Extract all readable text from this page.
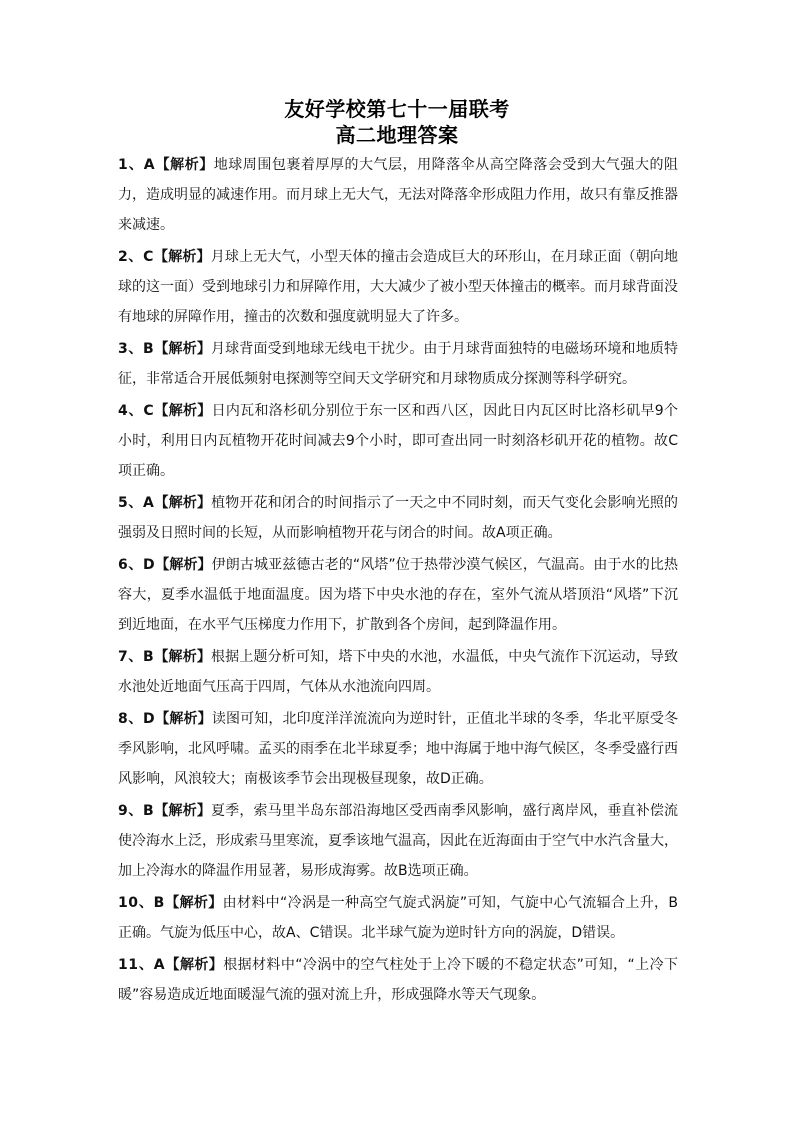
友好学校第七十一届联考
高二地理答案

1、A【解析】地球周围包裹着厚厚的大气层，用降落伞从高空降落会受到大气强大的阻力，造成明显的减速作用。而月球上无大气，无法对降落伞形成阻力作用，故只有靠反推器来减速。

2、C【解析】月球上无大气，小型天体的撞击会造成巨大的环形山，在月球正面（朝向地球的这一面）受到地球引力和屏障作用，大大减少了被小型天体撞击的概率。而月球背面没有地球的屏障作用，撞击的次数和强度就明显大了许多。

3、B【解析】月球背面受到地球无线电干扰少。由于月球背面独特的电磁场环境和地质特征，非常适合开展低频射电探测等空间天文学研究和月球物质成分探测等科学研究。

4、C【解析】日内瓦和洛杉矶分别位于东一区和西八区，因此日内瓦区时比洛杉矶早9个小时，利用日内瓦植物开花时间减去9个小时，即可查出同一时刻洛杉矶开花的植物。故C项正确。

5、A【解析】植物开花和闭合的时间指示了一天之中不同时刻，而天气变化会影响光照的强弱及日照时间的长短，从而影响植物开花与闭合的时间。故A项正确。

6、D【解析】伊朗古城亚兹德古老的“风塔”位于热带沙漠气候区，气温高。由于水的比热容大，夏季水温低于地面温度。因为塔下中央水池的存在，室外气流从塔顶沿“风塔”下沉到近地面，在水平气压梯度力作用下，扩散到各个房间，起到降温作用。

7、B【解析】根据上题分析可知，塔下中央的水池，水温低，中央气流作下沉运动，导致水池处近地面气压高于四周，气体从水池流向四周。

8、D【解析】读图可知，北印度洋洋流流向为逆时针，正值北半球的冬季，华北平原受冬季风影响，北风呼啸。孟买的雨季在北半球夏季；地中海属于地中海气候区，冬季受盛行西风影响，风浪较大；南极该季节会出现极昼现象，故D正确。

9、B【解析】夏季，索马里半岛东部沿海地区受西南季风影响，盛行离岸风，垂直补偿流使冷海水上泛，形成索马里寒流，夏季该地气温高，因此在近海面由于空气中水汽含量大，加上冷海水的降温作用显著，易形成海雾。故B选项正确。

10、B【解析】由材料中“冷涡是一种高空气旋式涡旋”可知，气旋中心气流辐合上升，B正确。气旋为低压中心，故A、C错误。北半球气旋为逆时针方向的涡旋，D错误。

11、A【解析】根据材料中“冷涡中的空气柱处于上冷下暖的不稳定状态”可知，“上冷下暖”容易造成近地面暖湿气流的强对流上升，形成强降水等天气现象。
